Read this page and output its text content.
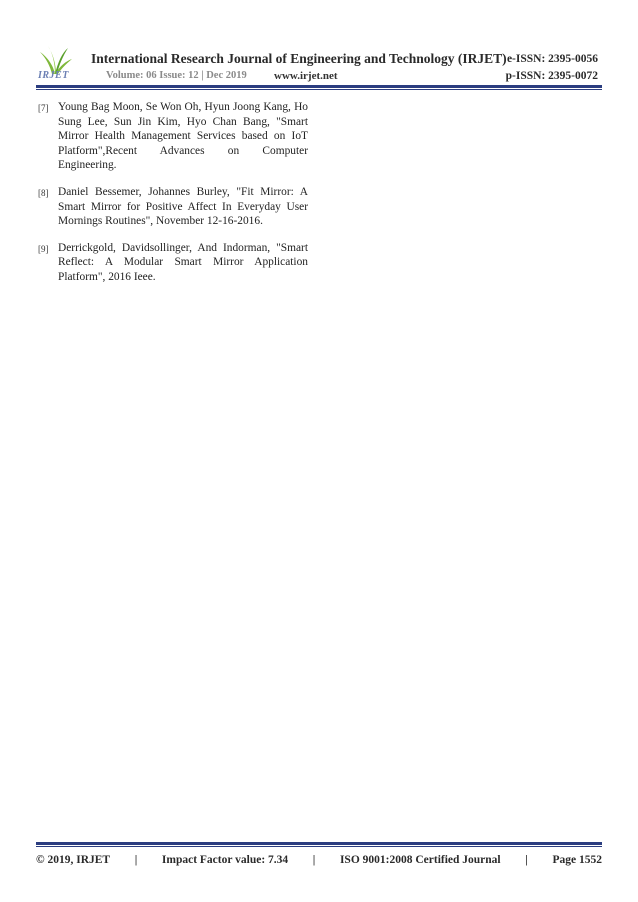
IRJET
International Research Journal of Engineering and Technology (IRJET) e-ISSN: 2395-0056
Volume: 06 Issue: 12 | Dec 2019 www.irjet.net	p-ISSN: 2395-0072
[7] Young Bag Moon, Se Won Oh, Hyun Joong Kang, Ho Sung Lee, Sun Jin Kim, Hyo Chan Bang, "Smart Mirror Health Management Services based on IoT Platform",Recent Advances on Computer Engineering.
[8] Daniel Bessemer, Johannes Burley, "Fit Mirror: A Smart Mirror for Positive Affect In Everyday User Mornings Routines", November 12-16-2016.
[9] Derrickgold, Davidsollinger, And Indorman, "Smart Reflect: A Modular Smart Mirror Application Platform", 2016 Ieee.
© 2019, IRJET | Impact Factor value: 7.34 | ISO 9001:2008 Certified Journal | Page 1552
